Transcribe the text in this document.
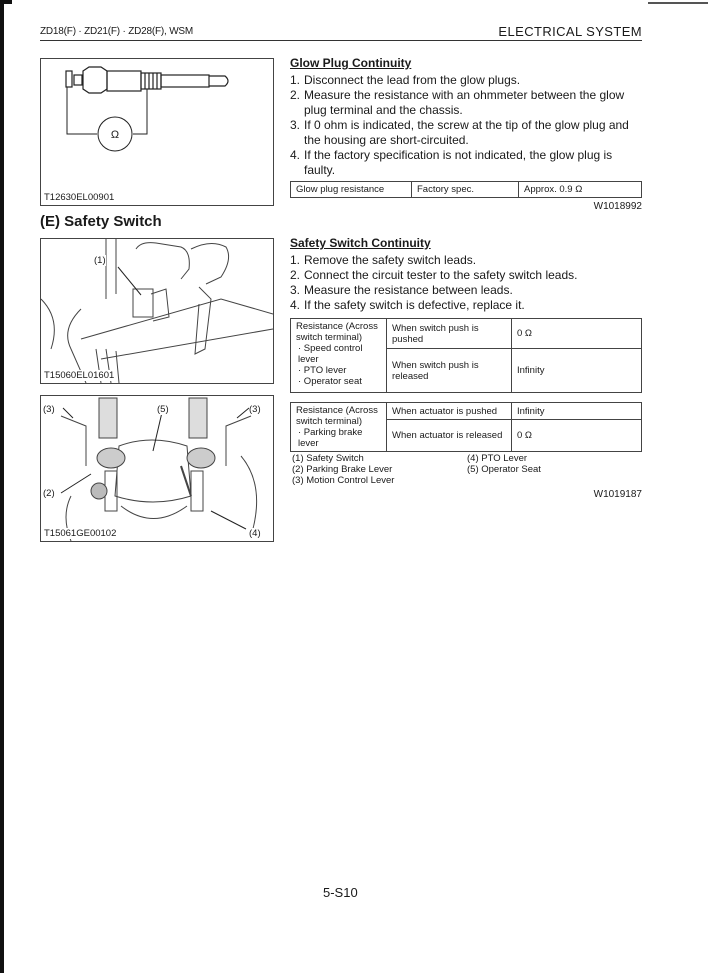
ZD18(F) · ZD21(F) · ZD28(F), WSM	ELECTRICAL SYSTEM
Ω
T12630EL00901
(E) Safety Switch
(1)
T15060EL01601
(3)	(5)	(3)
(2)
(4)
T15061GE00102
Glow Plug Continuity
1. Disconnect the lead from the glow plugs.
2. Measure the resistance with an ohmmeter between the glow plug terminal and the chassis.
3. If 0 ohm is indicated, the screw at the tip of the glow plug and the housing are short-circuited.
4. If the factory specification is not indicated, the glow plug is faulty.
Glow plug resistance	Factory spec.	Approx. 0.9 Ω
W1018992
Safety Switch Continuity
1. Remove the safety switch leads.
2. Connect the circuit tester to the safety switch leads.
3. Measure the resistance between leads.
4. If the safety switch is defective, replace it.
Resistance (Across switch terminal)
· Speed control lever
· PTO lever
· Operator seat	When switch push is pushed	0 Ω
	When switch push is released	Infinity
Resistance (Across switch terminal)
· Parking brake lever	When actuator is pushed	Infinity
	When actuator is released	0 Ω
(1) Safety Switch
(2) Parking Brake Lever
(3) Motion Control Lever
(4) PTO Lever
(5) Operator Seat
W1019187
5-S10
